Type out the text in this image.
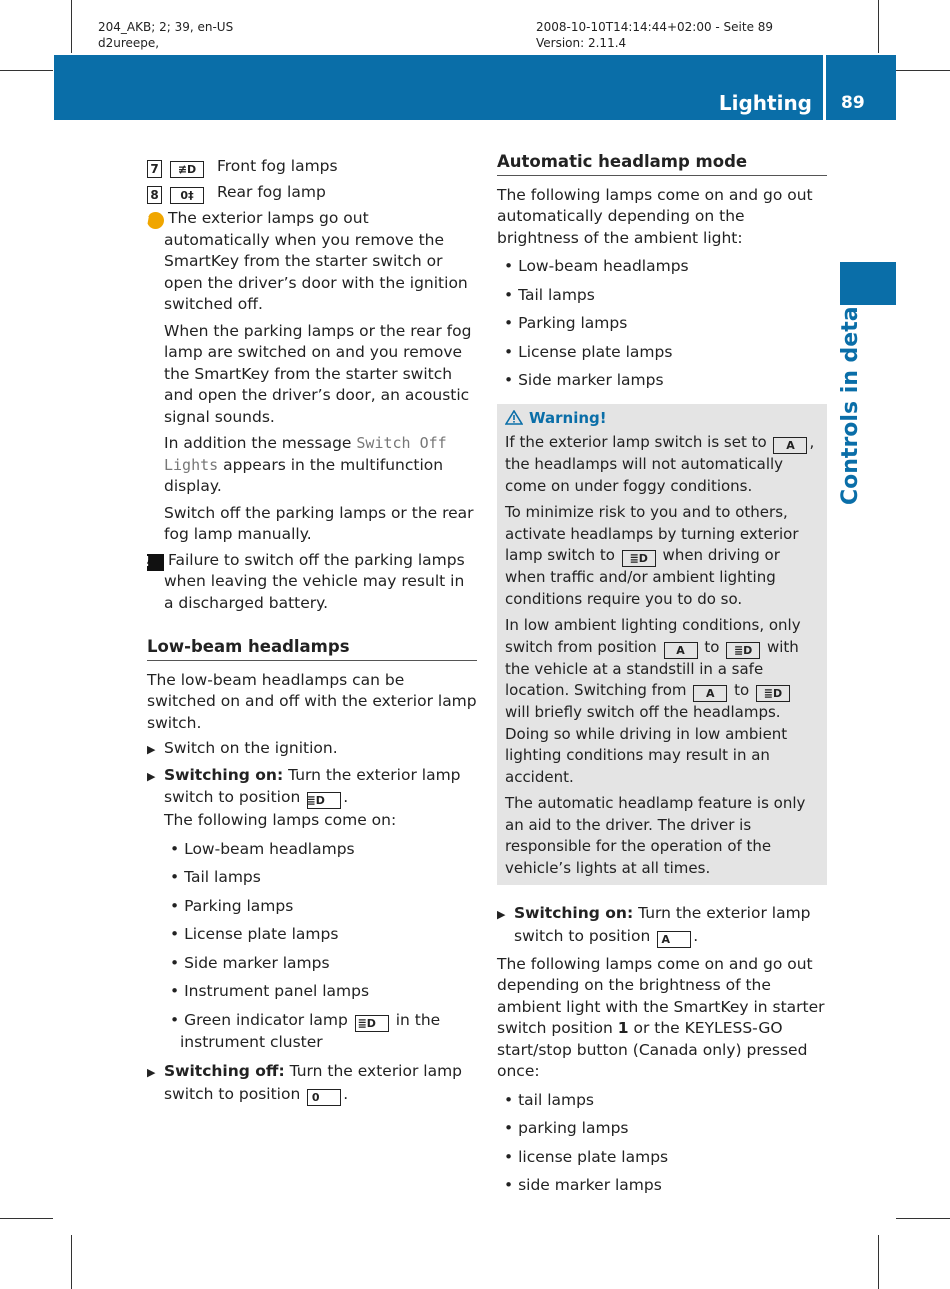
204_AKB; 2; 39, en-US
d2ureepe,
2008-10-10T14:14:44+02:00 - Seite 89
Version: 2.11.4
Lighting 89
Controls in detail

7 ≢D Front fog lamps

8 0‡ Rear fog lamp

i The exterior lamps go out automatically when you remove the SmartKey from the starter switch or open the driver’s door with the ignition switched off.

When the parking lamps or the rear fog lamp are switched on and you remove the SmartKey from the starter switch and open the driver’s door, an acoustic signal sounds.

In addition the message Switch Off Lights appears in the multifunction display.

Switch off the parking lamps or the rear fog lamp manually.

! Failure to switch off the parking lamps when leaving the vehicle may result in a discharged battery.

Low-beam headlamps

The low-beam headlamps can be switched on and off with the exterior lamp switch.

▶ Switch on the ignition.

▶ Switching on: Turn the exterior lamp switch to position ≣D .

The following lamps come on:

• Low-beam headlamps

• Tail lamps

• Parking lamps

• License plate lamps

• Side marker lamps

• Instrument panel lamps

• Green indicator lamp ≣D in the instrument cluster

▶ Switching off: Turn the exterior lamp switch to position 0 .

Automatic headlamp mode

The following lamps come on and go out automatically depending on the brightness of the ambient light:

• Low-beam headlamps

• Tail lamps

• Parking lamps

• License plate lamps

• Side marker lamps

Warning!

If the exterior lamp switch is set to A , the headlamps will not automatically come on under foggy conditions.

To minimize risk to you and to others, activate headlamps by turning exterior lamp switch to ≣D when driving or when traffic and/or ambient lighting conditions require you to do so.

In low ambient lighting conditions, only switch from position A to ≣D with the vehicle at a standstill in a safe location. Switching from A to ≣D will briefly switch off the headlamps. Doing so while driving in low ambient lighting conditions may result in an accident.

The automatic headlamp feature is only an aid to the driver. The driver is responsible for the operation of the vehicle’s lights at all times.

▶ Switching on: Turn the exterior lamp switch to position A .

The following lamps come on and go out depending on the brightness of the ambient light with the SmartKey in starter switch position 1 or the KEYLESS-GO start/stop button (Canada only) pressed once:

• tail lamps

• parking lamps

• license plate lamps

• side marker lamps
